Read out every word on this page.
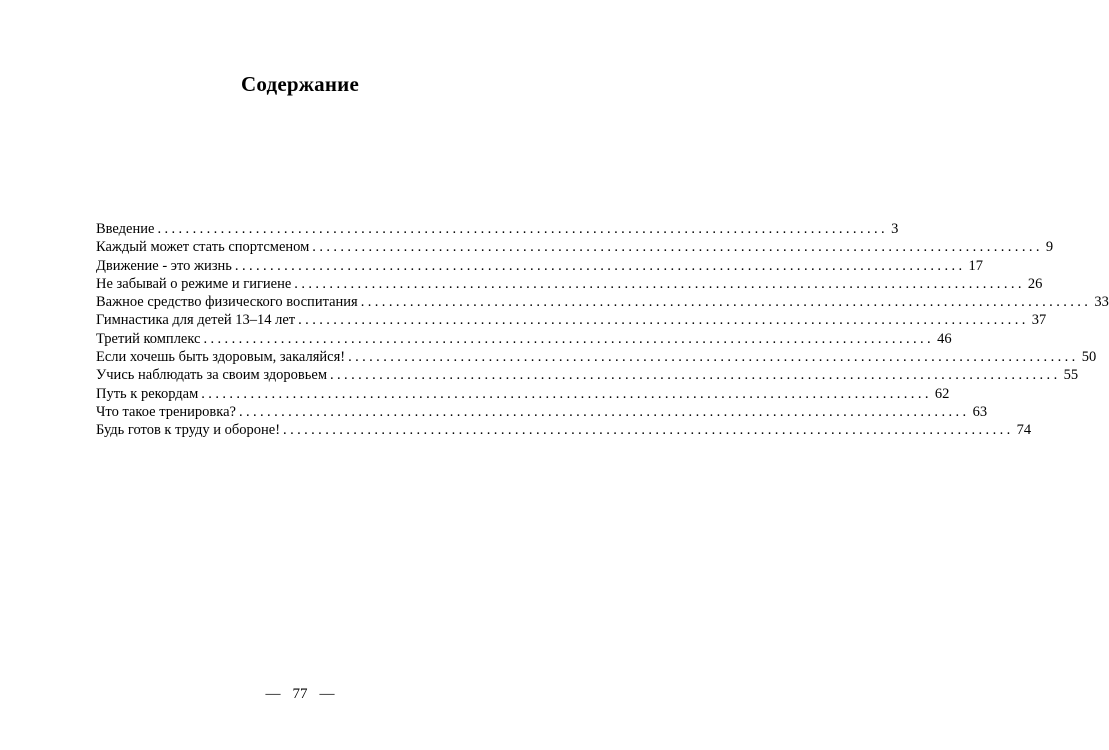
Содержание
Введение ........................................................................................................ 3
Каждый может стать спортсменом ........................................................................................................ 9
Движение - это жизнь ........................................................................................................ 17
Не забывай о режиме и гигиене ........................................................................................................ 26
Важное средство физического воспитания ........................................................................................................ 33
Гимнастика для детей 13–14 лет ........................................................................................................ 37
Третий комплекс ........................................................................................................ 46
Если хочешь быть здоровым, закаляйся! ........................................................................................................ 50
Учись наблюдать за своим здоровьем ........................................................................................................ 55
Путь к рекордам ........................................................................................................ 62
Что такое тренировка? ........................................................................................................ 63
Будь готов к труду и обороне! ........................................................................................................ 74
— 77 —
